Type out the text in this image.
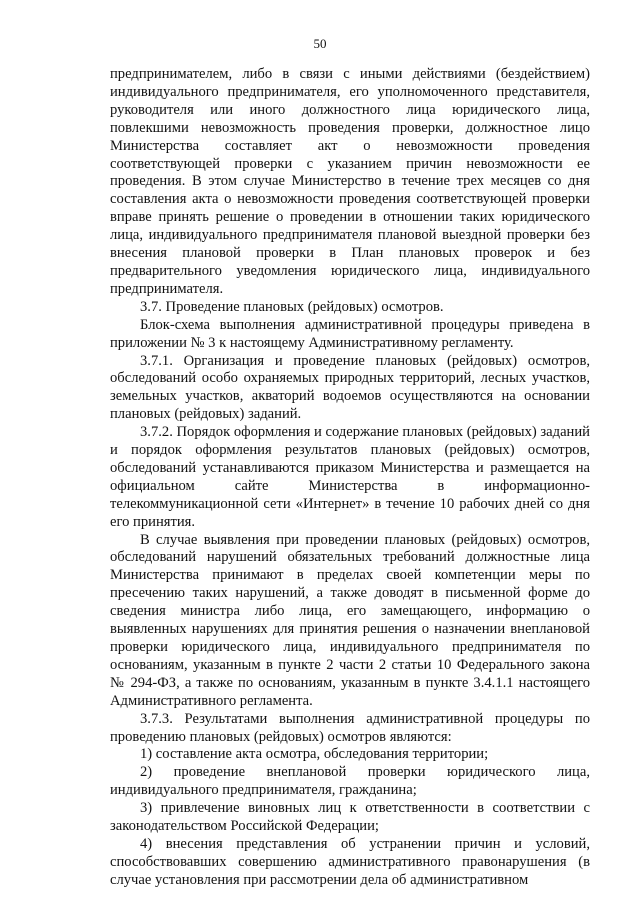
50

предпринимателем, либо в связи с иными действиями (бездействием) индивидуального предпринимателя, его уполномоченного представителя, руководителя или иного должностного лица юридического лица, повлекшими невозможность проведения проверки, должностное лицо Министерства составляет акт о невозможности проведения соответствующей проверки с указанием причин невозможности ее проведения. В этом случае Министерство в течение трех месяцев со дня составления акта о невозможности проведения соответствующей проверки вправе принять решение о проведении в отношении таких юридического лица, индивидуального предпринимателя плановой выездной проверки без внесения плановой проверки в План плановых проверок и без предварительного уведомления юридического лица, индивидуального предпринимателя.

3.7. Проведение плановых (рейдовых) осмотров.

Блок-схема выполнения административной процедуры приведена в приложении № 3 к настоящему Административному регламенту.

3.7.1. Организация и проведение плановых (рейдовых) осмотров, обследований особо охраняемых природных территорий, лесных участков, земельных участков, акваторий водоемов осуществляются на основании плановых (рейдовых) заданий.

3.7.2. Порядок оформления и содержание плановых (рейдовых) заданий и порядок оформления результатов плановых (рейдовых) осмотров, обследований устанавливаются приказом Министерства и размещается на официальном сайте Министерства в информационно-телекоммуникационной сети «Интернет» в течение 10 рабочих дней со дня его принятия.

В случае выявления при проведении плановых (рейдовых) осмотров, обследований нарушений обязательных требований должностные лица Министерства принимают в пределах своей компетенции меры по пресечению таких нарушений, а также доводят в письменной форме до сведения министра либо лица, его замещающего, информацию о выявленных нарушениях для принятия решения о назначении внеплановой проверки юридического лица, индивидуального предпринимателя по основаниям, указанным в пункте 2 части 2 статьи 10 Федерального закона № 294-ФЗ, а также по основаниям, указанным в пункте 3.4.1.1 настоящего Административного регламента.

3.7.3. Результатами выполнения административной процедуры по проведению плановых (рейдовых) осмотров являются:

1) составление акта осмотра, обследования территории;

2) проведение внеплановой проверки юридического лица, индивидуального предпринимателя, гражданина;

3) привлечение виновных лиц к ответственности в соответствии с законодательством Российской Федерации;

4) внесения представления об устранении причин и условий, способствовавших совершению административного правонарушения (в случае установления при рассмотрении дела об административном
